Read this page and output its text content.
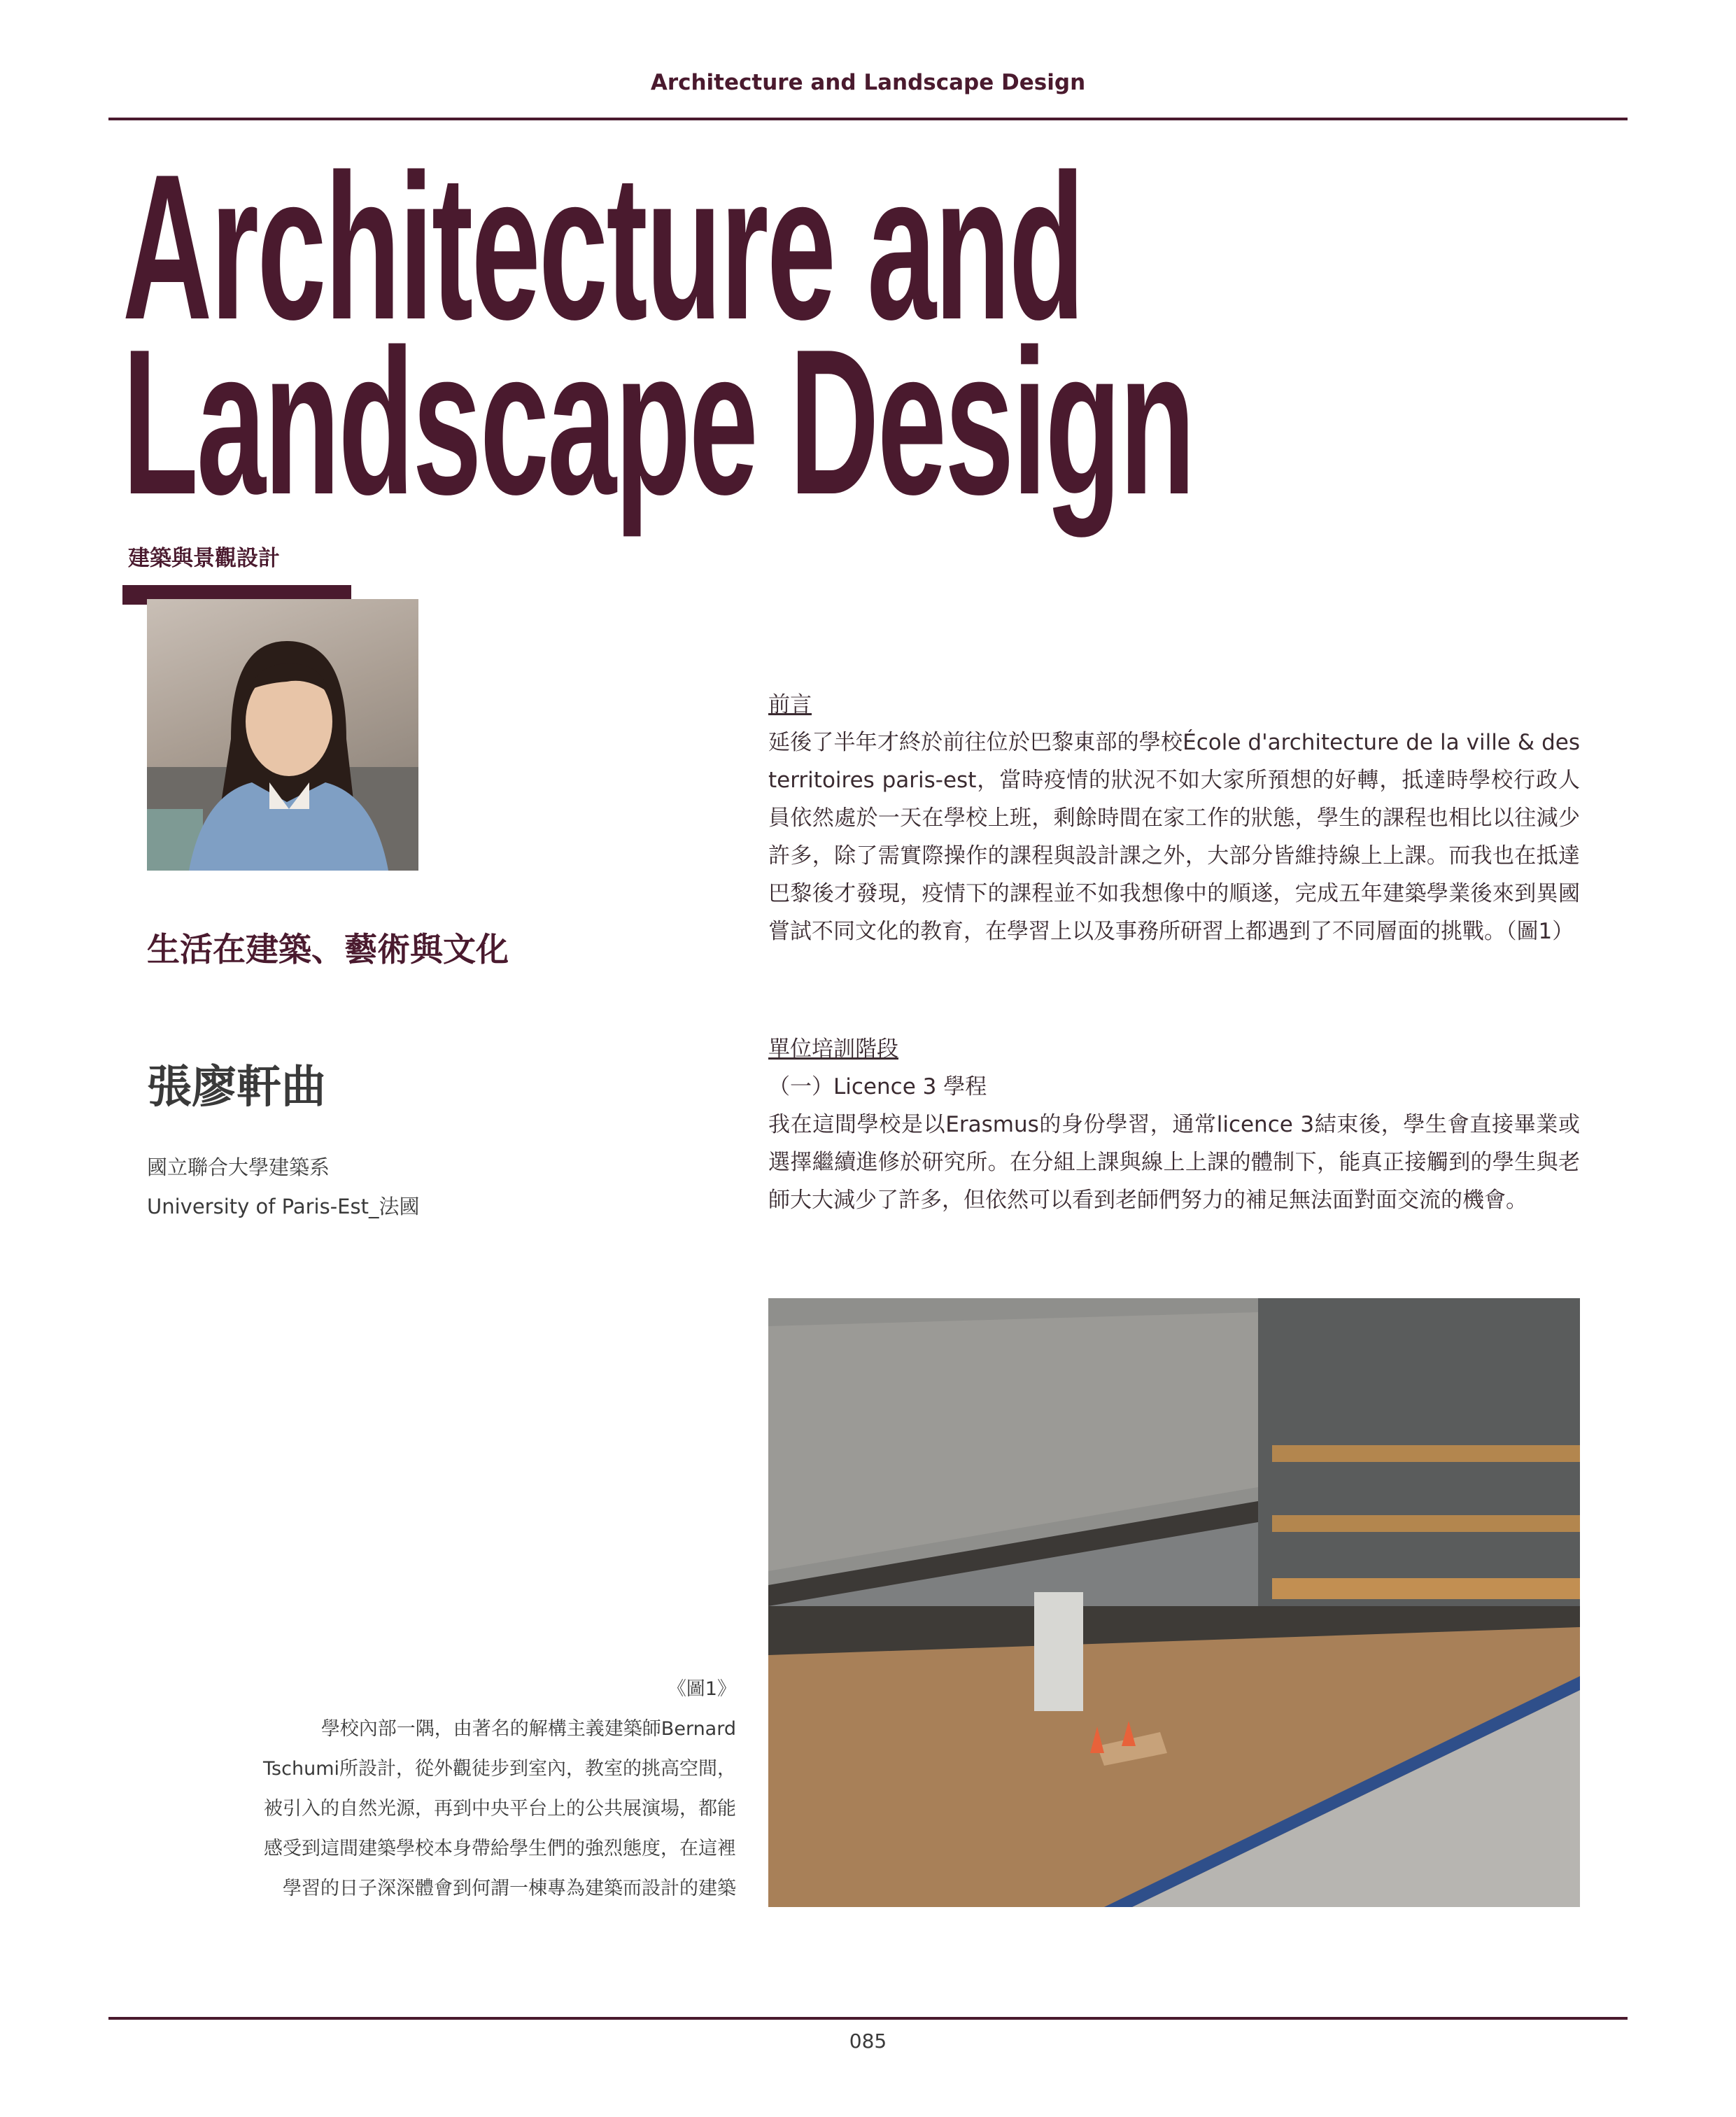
Architecture and Landscape Design
Architecture and
Landscape Design
建築與景觀設計
生活在建築、藝術與文化
張廖軒曲
國立聯合大學建築系
University of Paris-Est_法國
《圖1》
學校內部一隅，由著名的解構主義建築師Bernard
Tschumi所設計，從外觀徒步到室內，教室的挑高空間，
被引入的自然光源，再到中央平台上的公共展演場，都能
感受到這間建築學校本身帶給學生們的強烈態度，在這裡
學習的日子深深體會到何謂一棟專為建築而設計的建築
前言
延後了半年才終於前往位於巴黎東部的學校École d'architecture de la ville & des territoires paris-est，當時疫情的狀況不如大家所預想的好轉，抵達時學校行政人員依然處於一天在學校上班，剩餘時間在家工作的狀態，學生的課程也相比以往減少許多，除了需實際操作的課程與設計課之外，大部分皆維持線上上課。而我也在抵達巴黎後才發現，疫情下的課程並不如我想像中的順遂，完成五年建築學業後來到異國嘗試不同文化的教育，在學習上以及事務所研習上都遇到了不同層面的挑戰。（圖1）
單位培訓階段
（一）Licence 3 學程
我在這間學校是以Erasmus的身份學習，通常licence 3結束後，學生會直接畢業或選擇繼續進修於研究所。在分組上課與線上上課的體制下，能真正接觸到的學生與老師大大減少了許多，但依然可以看到老師們努力的補足無法面對面交流的機會。
085
